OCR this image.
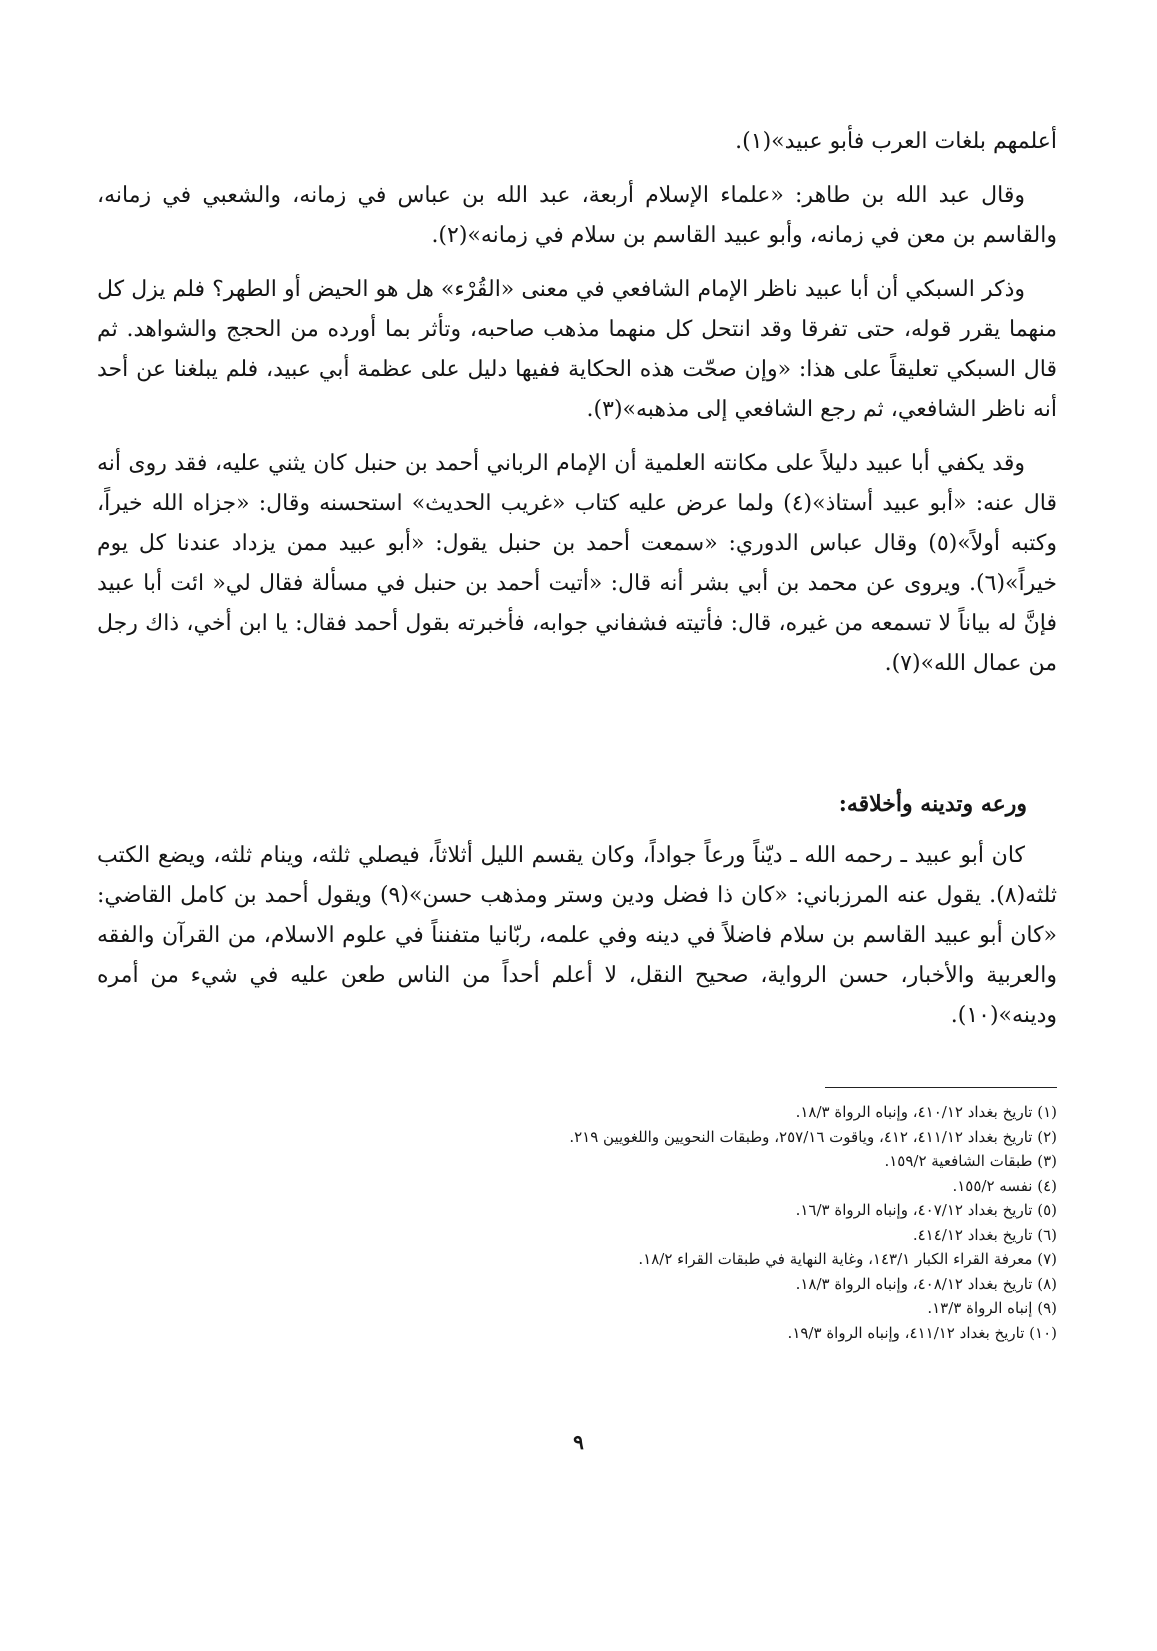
أعلمهم بلغات العرب فأبو عبيد»(١).

وقال عبد الله بن طاهر: «علماء الإسلام أربعة، عبد الله بن عباس في زمانه، والشعبي في زمانه، والقاسم بن معن في زمانه، وأبو عبيد القاسم بن سلام في زمانه»(٢).

وذكر السبكي أن أبا عبيد ناظر الإمام الشافعي في معنى «القُرْء» هل هو الحيض أو الطهر؟ فلم يزل كل منهما يقرر قوله، حتى تفرقا وقد انتحل كل منهما مذهب صاحبه، وتأثر بما أورده من الحجج والشواهد. ثم قال السبكي تعليقاً على هذا: «وإن صحّت هذه الحكاية ففيها دليل على عظمة أبي عبيد، فلم يبلغنا عن أحد أنه ناظر الشافعي، ثم رجع الشافعي إلى مذهبه»(٣).

وقد يكفي أبا عبيد دليلاً على مكانته العلمية أن الإمام الرباني أحمد بن حنبل كان يثني عليه، فقد روى أنه قال عنه: «أبو عبيد أستاذ»(٤) ولما عرض عليه كتاب «غريب الحديث» استحسنه وقال: «جزاه الله خيراً، وكتبه أولاً»(٥) وقال عباس الدوري: «سمعت أحمد بن حنبل يقول: «أبو عبيد ممن يزداد عندنا كل يوم خيراً»(٦). ويروى عن محمد بن أبي بشر أنه قال: «أتيت أحمد بن حنبل في مسألة فقال لي« ائت أبا عبيد فإنَّ له بياناً لا تسمعه من غيره، قال: فأتيته فشفاني جوابه، فأخبرته بقول أحمد فقال: يا ابن أخي، ذاك رجل من عمال الله»(٧).

ورعه وتدينه وأخلاقه:

كان أبو عبيد ـ رحمه الله ـ ديّناً ورعاً جواداً، وكان يقسم الليل أثلاثاً، فيصلي ثلثه، وينام ثلثه، ويضع الكتب ثلثه(٨). يقول عنه المرزباني: «كان ذا فضل ودين وستر ومذهب حسن»(٩) ويقول أحمد بن كامل القاضي: «كان أبو عبيد القاسم بن سلام فاضلاً في دينه وفي علمه، ربّانيا متفنناً في علوم الاسلام، من القرآن والفقه والعربية والأخبار، حسن الرواية، صحيح النقل، لا أعلم أحداً من الناس طعن عليه في شيء من أمره ودينه»(١٠).

(١) تاريخ بغداد ٤١٠/١٢، وإنباه الرواة ١٨/٣.
(٢) تاريخ بغداد ٤١١/١٢، ٤١٢، وياقوت ٢٥٧/١٦، وطبقات النحويين واللغويين ٢١٩.
(٣) طبقات الشافعية ١٥٩/٢.
(٤) نفسه ١٥٥/٢.
(٥) تاريخ بغداد ٤٠٧/١٢، وإنباه الرواة ١٦/٣.
(٦) تاريخ بغداد ٤١٤/١٢.
(٧) معرفة القراء الكبار ١٤٣/١، وغاية النهاية في طبقات القراء ١٨/٢.
(٨) تاريخ بغداد ٤٠٨/١٢، وإنباه الرواة ١٨/٣.
(٩) إنباه الرواة ١٣/٣.
(١٠) تاريخ بغداد ٤١١/١٢، وإنباه الرواة ١٩/٣.
٩
